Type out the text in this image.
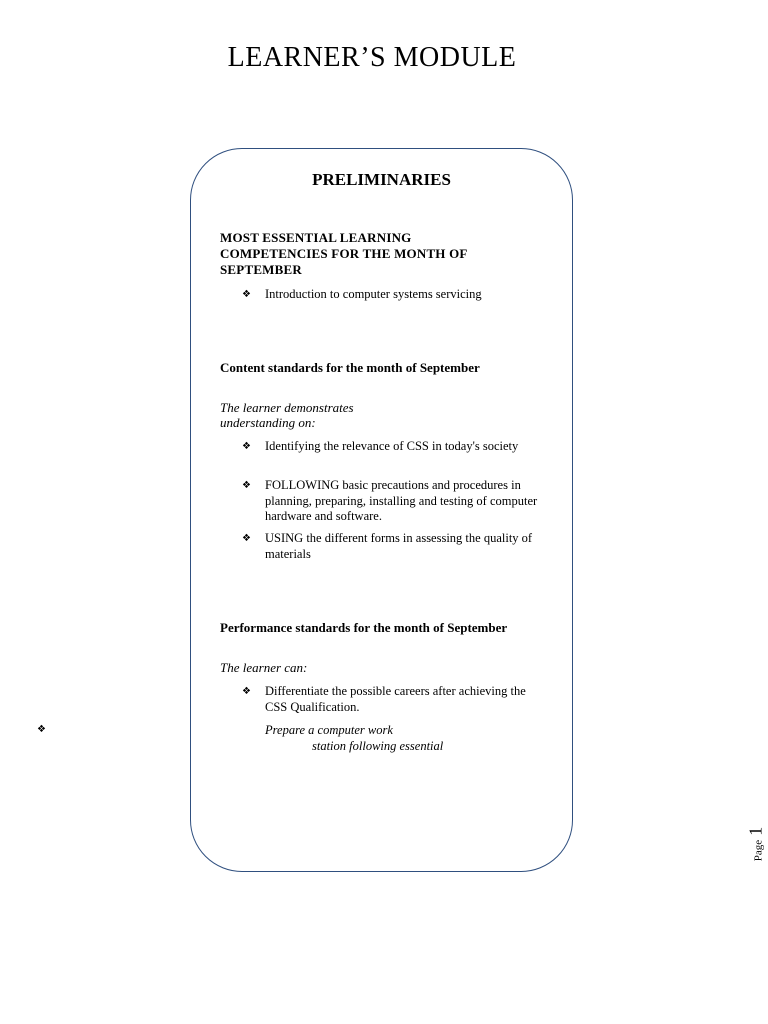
LEARNER’S MODULE
PRELIMINARIES
MOST ESSENTIAL LEARNING COMPETENCIES FOR THE MONTH OF SEPTEMBER
❖	Introduction to computer systems servicing
Content standards for the month of September
The learner demonstrates understanding on:
❖	Identifying the relevance of CSS in today's society
❖	FOLLOWING basic precautions and procedures in planning, preparing, installing and testing of computer hardware and software.
❖	USING the different forms in assessing the quality of materials
Performance standards for the month of September
The learner can:
❖	Differentiate the possible careers after achieving the CSS Qualification.
Prepare a computer work
station following essential
❖
Page 1
